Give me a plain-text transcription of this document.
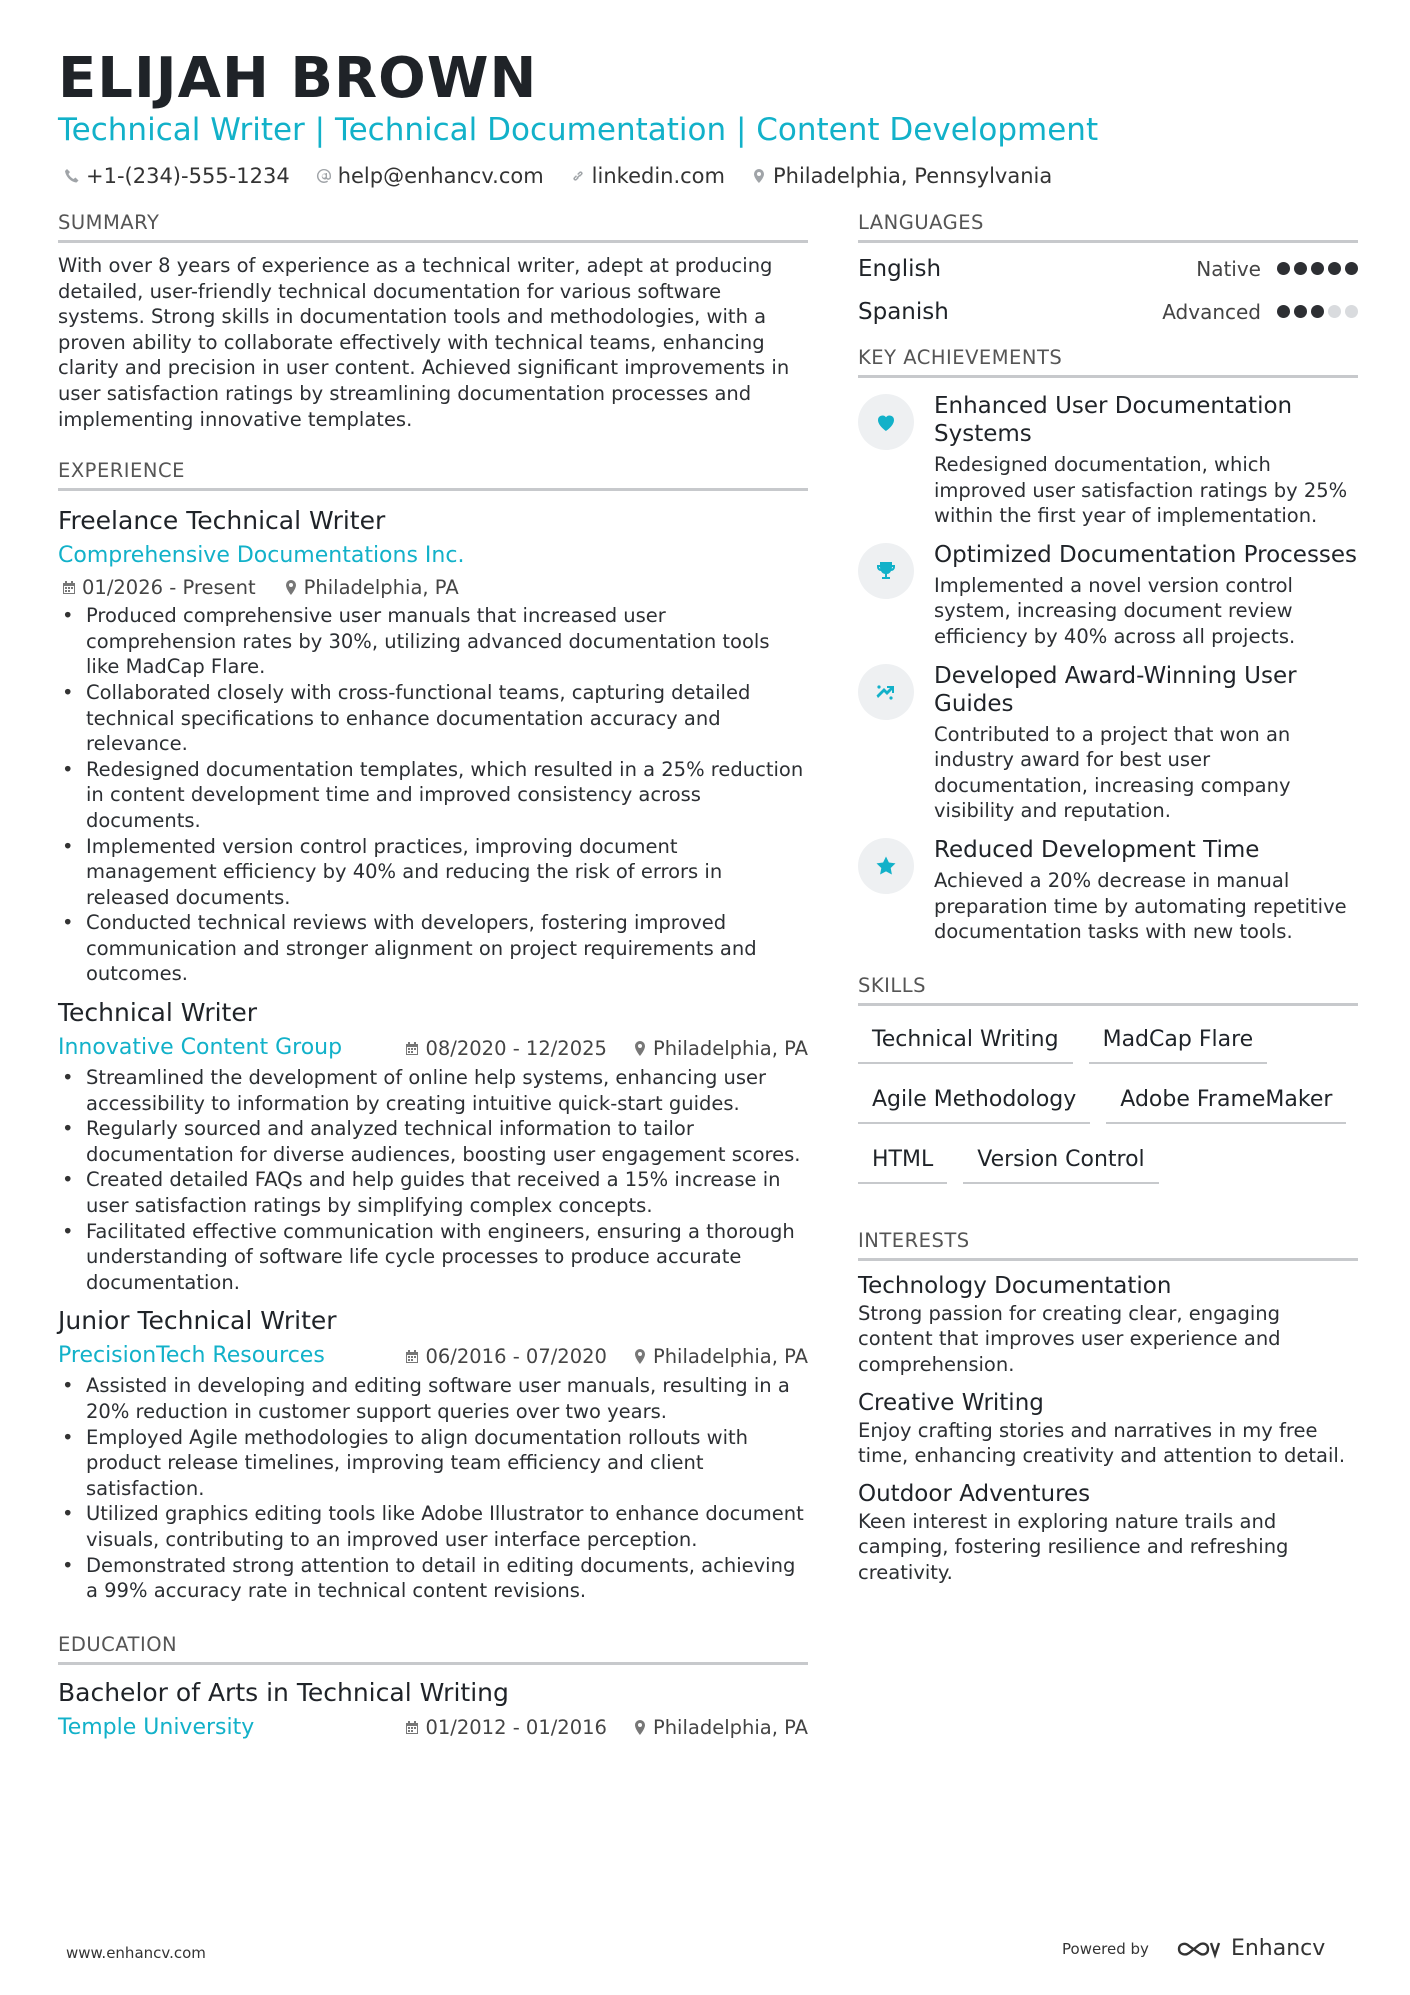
ELIJAH BROWN
Technical Writer | Technical Documentation | Content Development
+1-(234)-555-1234 help@enhancv.com linkedin.com Philadelphia, Pennsylvania
SUMMARY
With over 8 years of experience as a technical writer, adept at producing detailed, user-friendly technical documentation for various software systems. Strong skills in documentation tools and methodologies, with a proven ability to collaborate effectively with technical teams, enhancing clarity and precision in user content. Achieved significant improvements in user satisfaction ratings by streamlining documentation processes and implementing innovative templates.
EXPERIENCE
Freelance Technical Writer
Comprehensive Documentations Inc.
01/2026 - Present Philadelphia, PA
• Produced comprehensive user manuals that increased user comprehension rates by 30%, utilizing advanced documentation tools like MadCap Flare.
• Collaborated closely with cross-functional teams, capturing detailed technical specifications to enhance documentation accuracy and relevance.
• Redesigned documentation templates, which resulted in a 25% reduction in content development time and improved consistency across documents.
• Implemented version control practices, improving document management efficiency by 40% and reducing the risk of errors in released documents.
• Conducted technical reviews with developers, fostering improved communication and stronger alignment on project requirements and outcomes.
Technical Writer
Innovative Content Group	08/2020 - 12/2025 Philadelphia, PA
• Streamlined the development of online help systems, enhancing user accessibility to information by creating intuitive quick-start guides.
• Regularly sourced and analyzed technical information to tailor documentation for diverse audiences, boosting user engagement scores.
• Created detailed FAQs and help guides that received a 15% increase in user satisfaction ratings by simplifying complex concepts.
• Facilitated effective communication with engineers, ensuring a thorough understanding of software life cycle processes to produce accurate documentation.
Junior Technical Writer
PrecisionTech Resources	06/2016 - 07/2020 Philadelphia, PA
• Assisted in developing and editing software user manuals, resulting in a 20% reduction in customer support queries over two years.
• Employed Agile methodologies to align documentation rollouts with product release timelines, improving team efficiency and client satisfaction.
• Utilized graphics editing tools like Adobe Illustrator to enhance document visuals, contributing to an improved user interface perception.
• Demonstrated strong attention to detail in editing documents, achieving a 99% accuracy rate in technical content revisions.
EDUCATION
Bachelor of Arts in Technical Writing
Temple University	01/2012 - 01/2016 Philadelphia, PA
LANGUAGES
English	Native
Spanish	Advanced
KEY ACHIEVEMENTS
Enhanced User Documentation Systems
Redesigned documentation, which improved user satisfaction ratings by 25% within the first year of implementation.
Optimized Documentation Processes
Implemented a novel version control system, increasing document review efficiency by 40% across all projects.
Developed Award-Winning User Guides
Contributed to a project that won an industry award for best user documentation, increasing company visibility and reputation.
Reduced Development Time
Achieved a 20% decrease in manual preparation time by automating repetitive documentation tasks with new tools.
SKILLS
Technical Writing	MadCap Flare
Agile Methodology	Adobe FrameMaker
HTML	Version Control
INTERESTS
Technology Documentation
Strong passion for creating clear, engaging content that improves user experience and comprehension.
Creative Writing
Enjoy crafting stories and narratives in my free time, enhancing creativity and attention to detail.
Outdoor Adventures
Keen interest in exploring nature trails and camping, fostering resilience and refreshing creativity.
www.enhancv.com	Powered by	Enhancv
